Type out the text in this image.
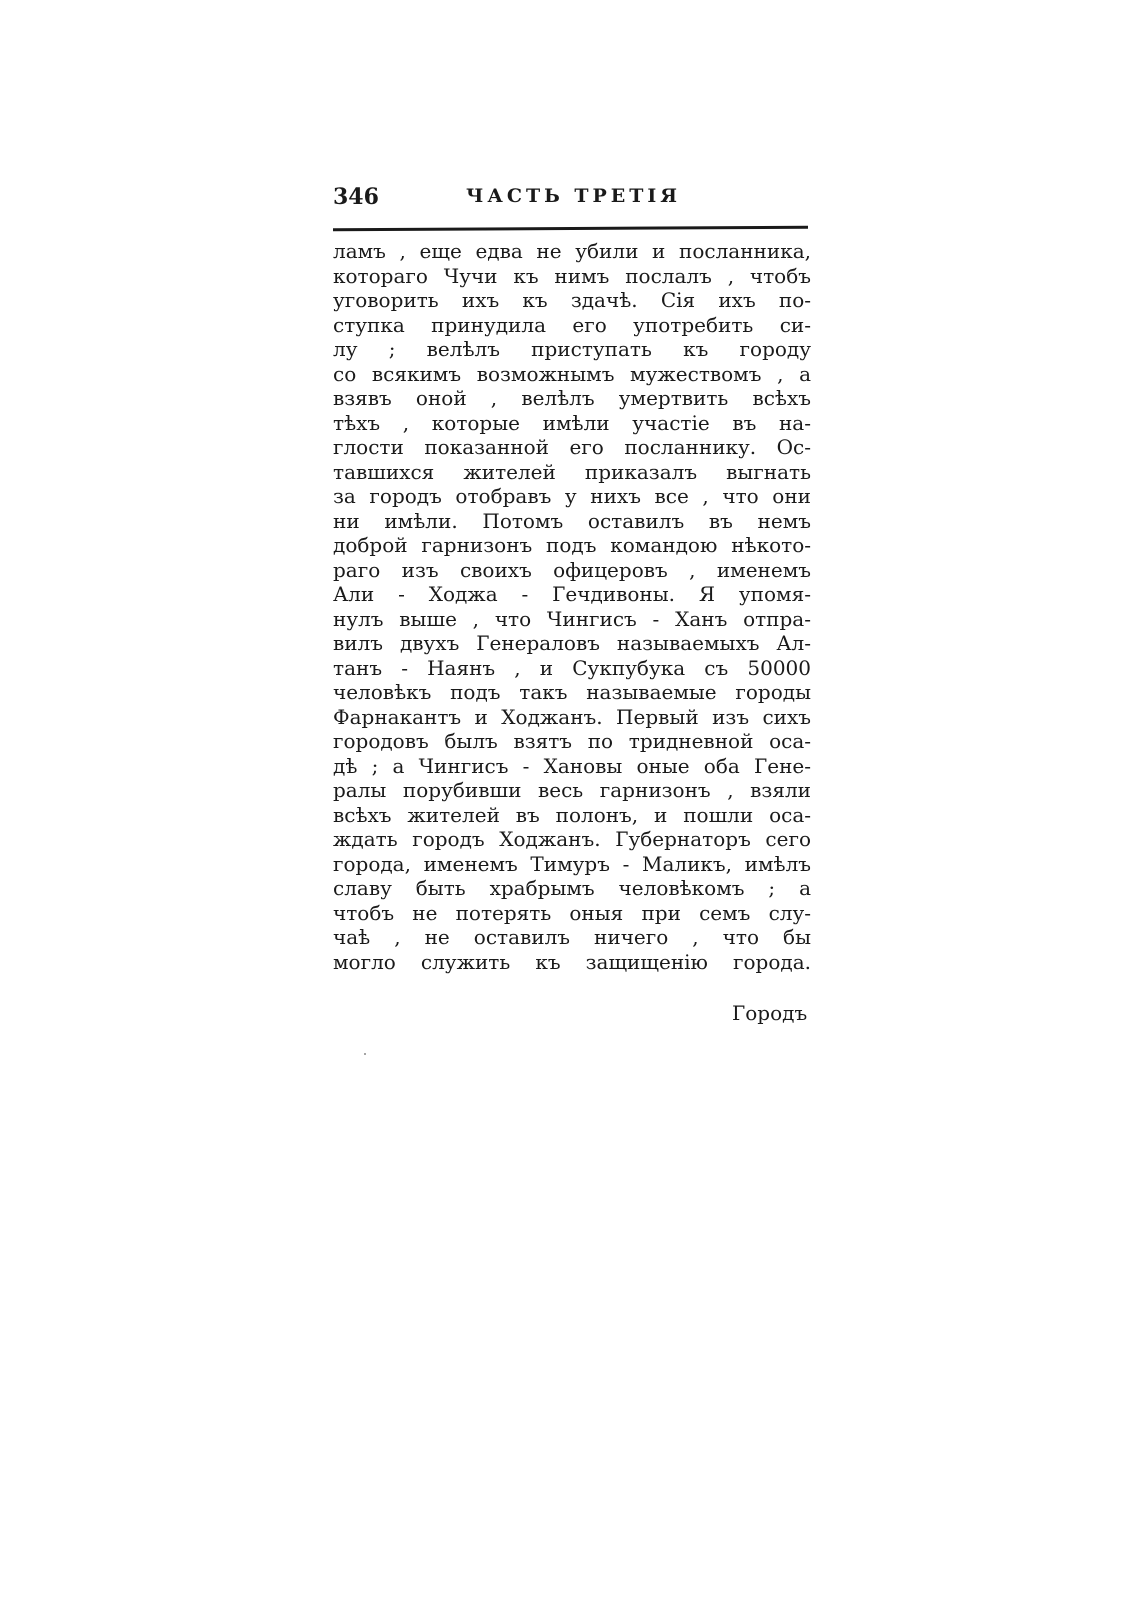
346	ЧАСТЬ ТРЕТІЯ
ламъ , еще едва не убили и посланника,
котораго Чучи къ нимъ послалъ , чтобъ
уговорить ихъ къ здачѣ. Сія ихъ по-
ступка принудила его употребить си-
лу ; велѣлъ приступать къ городу
со всякимъ возможнымъ мужествомъ , а
взявъ оной , велѣлъ умертвить всѣхъ
тѣхъ , которые имѣли участіе въ на-
глости показанной его посланнику. Ос-
тавшихся жителей приказалъ выгнать
за городъ отобравъ у нихъ все , что они
ни имѣли. Потомъ оставилъ въ немъ
доброй гарнизонъ подъ командою нѣкото-
раго изъ своихъ офицеровъ , именемъ
Али - Ходжа - Гечдивоны. Я упомя-
нулъ выше , что Чингисъ - Ханъ отпра-
вилъ двухъ Генераловъ называемыхъ Ал-
танъ - Наянъ , и Сукпубука съ 50000
человѣкъ подъ такъ называемые городы
Фарнакантъ и Ходжанъ. Первый изъ сихъ
городовъ былъ взятъ по тридневной оса-
дѣ ; а Чингисъ - Хановы оные оба Гене-
ралы порубивши весь гарнизонъ , взяли
всѣхъ жителей въ полонъ, и пошли оса-
ждать городъ Ходжанъ. Губернаторъ сего
города, именемъ Тимуръ - Маликъ, имѣлъ
славу быть храбрымъ человѣкомъ ; а
чтобъ не потерять оныя при семъ слу-
чаѣ , не оставилъ ничего , что бы
могло служить къ защищенію города.
Городъ
